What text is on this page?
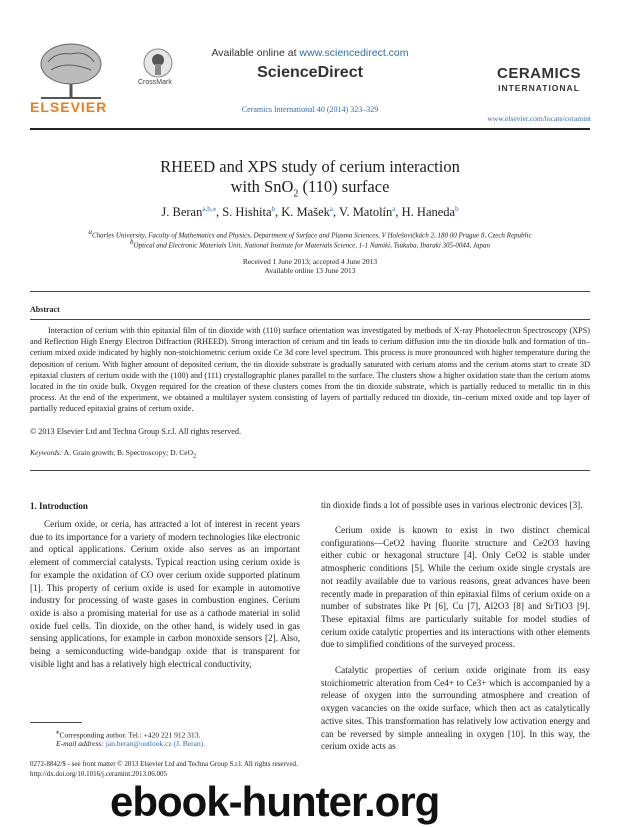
ELSEVIER
CrossMark
Available online at www.sciencedirect.com
ScienceDirect
Ceramics International 40 (2014) 323–329
CERAMICS
INTERNATIONAL
www.elsevier.com/locate/ceramint
RHEED and XPS study of cerium interaction
with SnO$_2$ (110) surface
J. Beran$^{a,b,⁎}$, S. Hishita$^b$, K. Mašek$^a$, V. Matolín$^a$, H. Haneda$^b$
$^a$Charles University, Faculty of Mathematics and Physics, Department of Surface and Plasma Sciences, V Holešovičkách 2, 180 00 Prague 8, Czech Republic
$^b$Optical and Electronic Materials Unit, National Institute for Materials Science, 1-1 Namiki, Tsukuba, Ibaraki 305-0044, Japan
Received 1 June 2013; accepted 4 June 2013
Available online 13 June 2013
Abstract

Interaction of cerium with thin epitaxial film of tin dioxide with (110) surface orientation was investigated by methods of X-ray Photoelectron Spectroscopy (XPS) and Reflection High Energy Electron Diffraction (RHEED). Strong interaction of cerium and tin leads to cerium diffusion into the tin dioxide bulk and formation of tin–cerium mixed oxide indicated by highly non-stoichiometric cerium oxide Ce 3d core level spectrum. This process is more pronounced with higher temperature during the deposition of cerium. With higher amount of deposited cerium, the tin dioxide substrate is gradually saturated with cerium atoms and the cerium atoms start to create 3D epitaxial clusters of cerium oxide with the (100) and (111) crystallographic planes parallel to the surface. The clusters show a higher oxidation state than the cerium atoms located in the tin oxide bulk. Oxygen required for the creation of these clusters comes from the tin dioxide substrate, which is partially reduced to metallic tin in this process. At the end of the experiment, we obtained a multilayer system consisting of layers of partially reduced tin dioxide, tin–cerium mixed oxide and top layer of partially reduced epitaxial grains of cerium oxide.

© 2013 Elsevier Ltd and Techna Group S.r.l. All rights reserved.
Keywords: A. Grain growth; B. Spectroscopy; D. CeO$_2$
1. Introduction

Cerium oxide, or ceria, has attracted a lot of interest in recent years due to its importance for a variety of modern technologies like electronic and optical applications. Cerium oxide also serves as an important element of commercial catalysts. Typical reaction using cerium oxide is for example the oxidation of CO over cerium oxide supported platinum [1]. This property of cerium oxide is used for example in automotive industry for processing of waste gases in combustion engines. Cerium oxide is also a promising material for use as a cathode material in solid oxide fuel cells. Tin dioxide, on the other hand, is widely used in gas sensing applications, for example in carbon monoxide sensors [2]. Also, being a semiconducting wide-bandgap oxide that is transparent for visible light and has a relatively high electrical conductivity,

tin dioxide finds a lot of possible uses in various electronic devices [3].

Cerium oxide is known to exist in two distinct chemical configurations—CeO2 having fluorite structure and Ce2O3 having either cubic or hexagonal structure [4]. Only CeO2 is stable under atmospheric conditions [5]. While the cerium oxide single crystals are not readily available due to various reasons, great advances have been recently made in preparation of thin epitaxial films of cerium oxide on a number of substrates like Pt [6], Cu [7], Al2O3 [8] and SrTiO3 [9]. These epitaxial films are particularly suitable for model studies of cerium oxide catalytic properties and its interactions with other elements due to simplified conditions of the surveyed process.

Catalytic properties of cerium oxide originate from its easy stoichiometric alteration from Ce4+ to Ce3+ which is accompanied by a release of oxygen into the surrounding atmosphere and creation of oxygen vacancies on the oxide surface, which then act as catalytically active sites. This transformation has relatively low activation energy and can be reversed by simple annealing in oxygen [10]. In this way, the cerium oxide acts as

⁎Corresponding author. Tel.: +420 221 912 313.
E-mail address: jan.beran@outlook.cz (J. Beran).
0272-8842/$ - see front matter © 2013 Elsevier Ltd and Techna Group S.r.l. All rights reserved.
http://dx.doi.org/10.1016/j.ceramint.2013.06.005
ebook-hunter.org
